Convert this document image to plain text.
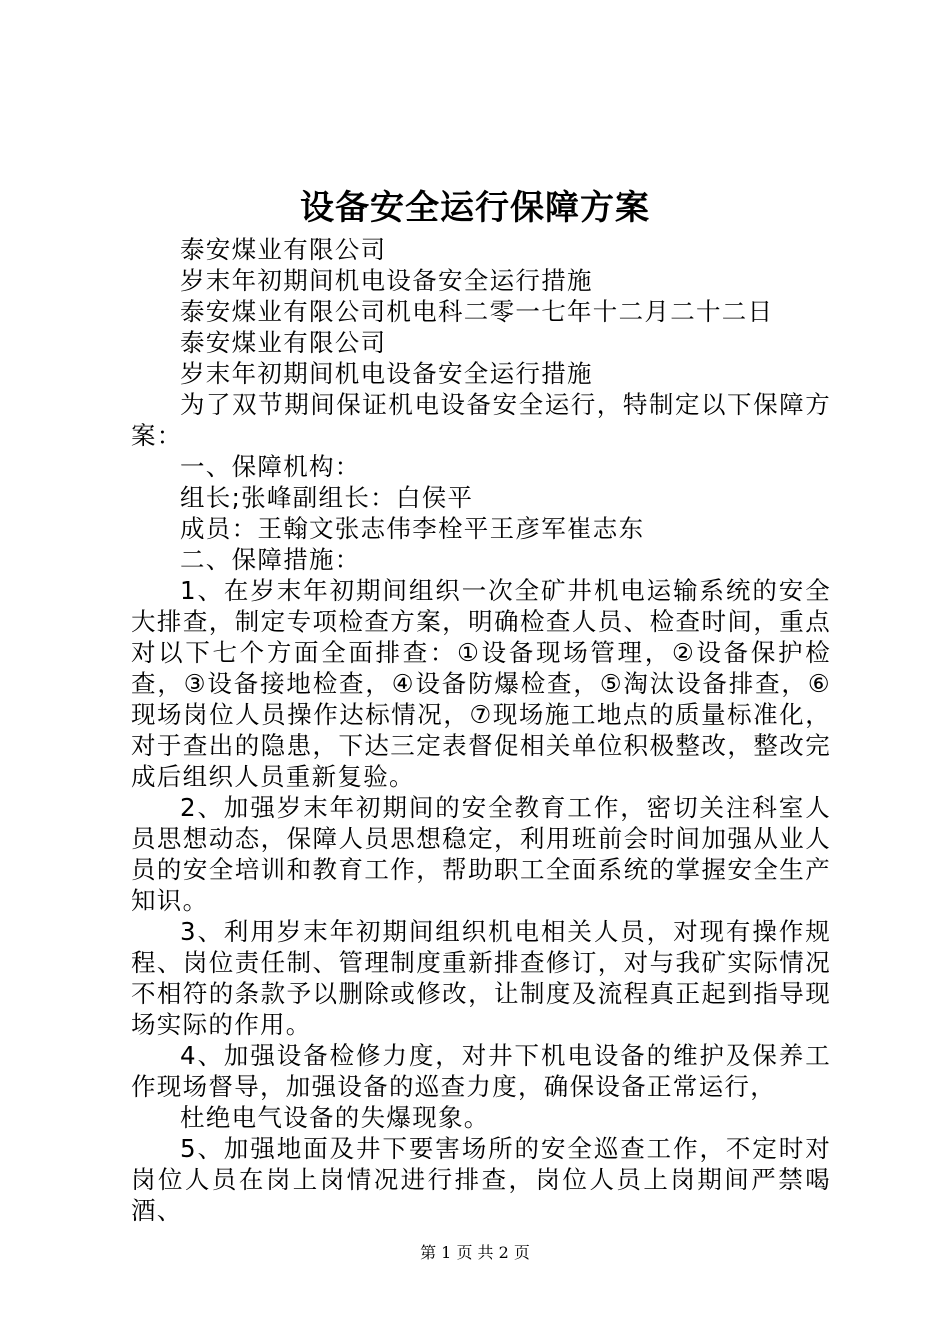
设备安全运行保障方案

泰安煤业有限公司

岁末年初期间机电设备安全运行措施

泰安煤业有限公司机电科二零一七年十二月二十二日

泰安煤业有限公司

岁末年初期间机电设备安全运行措施

为了双节期间保证机电设备安全运行，特制定以下保障方案：

一、保障机构：

组长;张峰副组长：白侯平

成员：王翰文张志伟李栓平王彦军崔志东

二、保障措施：

1、在岁末年初期间组织一次全矿井机电运输系统的安全大排查，制定专项检查方案，明确检查人员、检查时间，重点对以下七个方面全面排查：①设备现场管理，②设备保护检查，③设备接地检查，④设备防爆检查，⑤淘汰设备排查，⑥现场岗位人员操作达标情况，⑦现场施工地点的质量标准化，对于查出的隐患，下达三定表督促相关单位积极整改，整改完成后组织人员重新复验。

2、加强岁末年初期间的安全教育工作，密切关注科室人员思想动态，保障人员思想稳定，利用班前会时间加强从业人员的安全培训和教育工作，帮助职工全面系统的掌握安全生产知识。

3、利用岁末年初期间组织机电相关人员，对现有操作规程、岗位责任制、管理制度重新排查修订，对与我矿实际情况不相符的条款予以删除或修改，让制度及流程真正起到指导现场实际的作用。

4、加强设备检修力度，对井下机电设备的维护及保养工作现场督导，加强设备的巡查力度，确保设备正常运行，

杜绝电气设备的失爆现象。

5、加强地面及井下要害场所的安全巡查工作，不定时对岗位人员在岗上岗情况进行排查，岗位人员上岗期间严禁喝酒、

第 1 页 共 2 页
